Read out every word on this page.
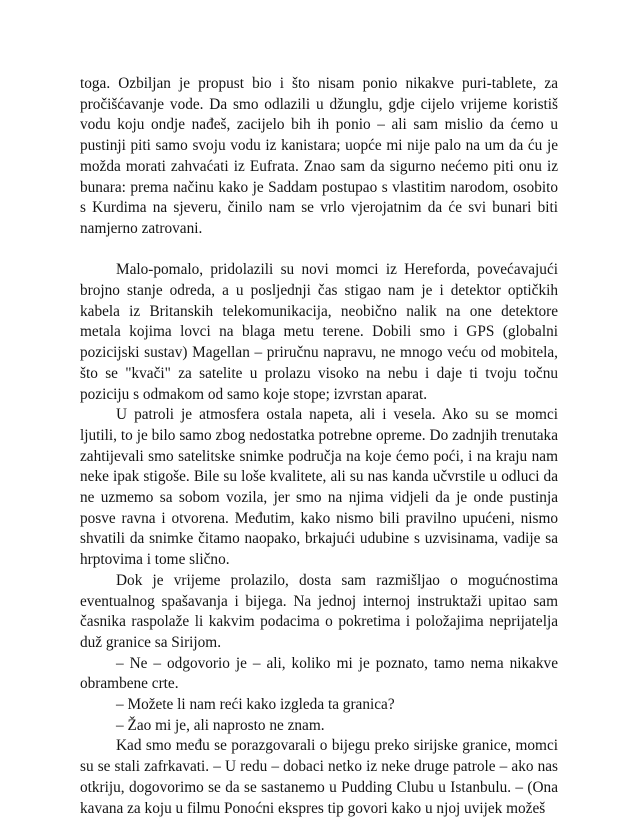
toga. Ozbiljan je propust bio i što nisam ponio nikakve puri-tablete, za pročišćavanje vode. Da smo odlazili u džunglu, gdje cijelo vrijeme koristiš vodu koju ondje nađeš, zacijelo bih ih ponio – ali sam mislio da ćemo u pustinji piti samo svoju vodu iz kanistara; uopće mi nije palo na um da ću je možda morati zahvaćati iz Eufrata. Znao sam da sigurno nećemo piti onu iz bunara: prema načinu kako je Saddam postupao s vlastitim narodom, osobito s Kurdima na sjeveru, činilo nam se vrlo vjerojatnim da će svi bunari biti namjerno zatrovani.

Malo-pomalo, pridolazili su novi momci iz Hereforda, povećavajući brojno stanje odreda, a u posljednji čas stigao nam je i detektor optičkih kabela iz Britanskih telekomunikacija, neobično nalik na one detektore metala kojima lovci na blaga metu terene. Dobili smo i GPS (globalni pozicijski sustav) Magellan – priručnu napravu, ne mnogo veću od mobitela, što se "kvači" za satelite u prolazu visoko na nebu i daje ti tvoju točnu poziciju s odmakom od samo koje stope; izvrstan aparat.

U patroli je atmosfera ostala napeta, ali i vesela. Ako su se momci ljutili, to je bilo samo zbog nedostatka potrebne opreme. Do zadnjih trenutaka zahtijevali smo satelitske snimke područja na koje ćemo poći, i na kraju nam neke ipak stigoše. Bile su loše kvalitete, ali su nas kanda učvrstile u odluci da ne uzmemo sa sobom vozila, jer smo na njima vidjeli da je onde pustinja posve ravna i otvorena. Međutim, kako nismo bili pravilno upućeni, nismo shvatili da snimke čitamo naopako, brkajući udubine s uzvisinama, vadije sa hrptovima i tome slično.

Dok je vrijeme prolazilo, dosta sam razmišljao o mogućnostima eventualnog spašavanja i bijega. Na jednoj internoj instruktaži upitao sam časnika raspolaže li kakvim podacima o pokretima i položajima neprijatelja duž granice sa Sirijom.

– Ne – odgovorio je – ali, koliko mi je poznato, tamo nema nikakve obrambene crte.

– Možete li nam reći kako izgleda ta granica?

– Žao mi je, ali naprosto ne znam.

Kad smo među se porazgovarali o bijegu preko sirijske granice, momci su se stali zafrkavati. – U redu – dobaci netko iz neke druge patrole – ako nas otkriju, dogovorimo se da se sastanemo u Pudding Clubu u Istanbulu. – (Ona kavana za koju u filmu Ponoćni ekspres tip govori kako u njoj uvijek možeš
